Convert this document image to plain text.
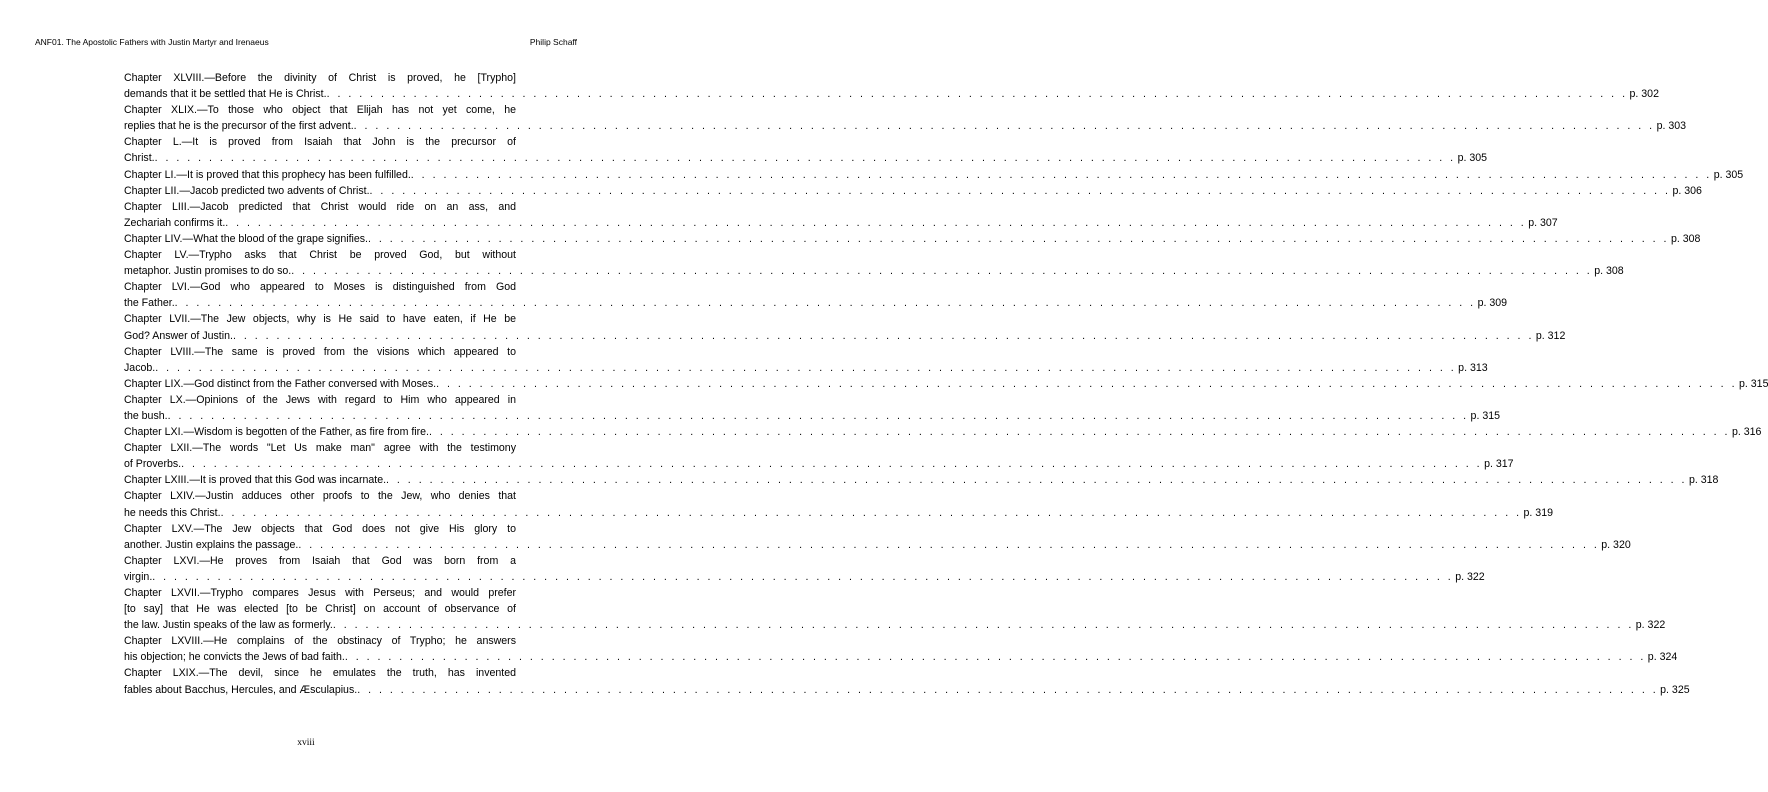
ANF01. The Apostolic Fathers with Justin Martyr and Irenaeus	Philip Schaff
Chapter XLVIII.—Before the divinity of Christ is proved, he [Trypho]
demands that it be settled that He is Christ. . . . . . . . . . . . . . . . . . . . . . . . . . . . . . . . . . . . . . . . . . . . . . . . . . . . . . . . . . . . . . . . . . . . . . . . . . . . . . . . . . . . . . . . . . . . . . . . . . . . . . . . . . . . . . . . . . . . . . . . . p. 302
Chapter XLIX.—To those who object that Elijah has not yet come, he
replies that he is the precursor of the first advent. . . . . . . . . . . . . . . . . . . . . . . . . . . . . . . . . . . . . . . . . . . . . . . . . . . . . . . . . . . . . . . . . . . . . . . . . . . . . . . . . . . . . . . . . . . . . . . . . . . . . . . . . . . . . . . . . . . . . . . . . p. 303
Chapter L.—It is proved from Isaiah that John is the precursor of
Christ. . . . . . . . . . . . . . . . . . . . . . . . . . . . . . . . . . . . . . . . . . . . . . . . . . . . . . . . . . . . . . . . . . . . . . . . . . . . . . . . . . . . . . . . . . . . . . . . . . . . . . . . . . . . . . . . . . . . . . . . . p. 305
Chapter LI.—It is proved that this prophecy has been fulfilled. . . . . . . . . . . . . . . . . . . . . . . . . . . . . . . . . . . . . . . . . . . . . . . . . . . . . . . . . . . . . . . . . . . . . . . . . . . . . . . . . . . . . . . . . . . . . . . . . . . . . . . . . . . . . . . . . . . . . . . . . p. 305
Chapter LII.—Jacob predicted two advents of Christ. . . . . . . . . . . . . . . . . . . . . . . . . . . . . . . . . . . . . . . . . . . . . . . . . . . . . . . . . . . . . . . . . . . . . . . . . . . . . . . . . . . . . . . . . . . . . . . . . . . . . . . . . . . . . . . . . . . . . . . . . p. 306
Chapter LIII.—Jacob predicted that Christ would ride on an ass, and
Zechariah confirms it. . . . . . . . . . . . . . . . . . . . . . . . . . . . . . . . . . . . . . . . . . . . . . . . . . . . . . . . . . . . . . . . . . . . . . . . . . . . . . . . . . . . . . . . . . . . . . . . . . . . . . . . . . . . . . . . . . . . . . . . . p. 307
Chapter LIV.—What the blood of the grape signifies. . . . . . . . . . . . . . . . . . . . . . . . . . . . . . . . . . . . . . . . . . . . . . . . . . . . . . . . . . . . . . . . . . . . . . . . . . . . . . . . . . . . . . . . . . . . . . . . . . . . . . . . . . . . . . . . . . . . . . . . . p. 308
Chapter LV.—Trypho asks that Christ be proved God, but without
metaphor. Justin promises to do so. . . . . . . . . . . . . . . . . . . . . . . . . . . . . . . . . . . . . . . . . . . . . . . . . . . . . . . . . . . . . . . . . . . . . . . . . . . . . . . . . . . . . . . . . . . . . . . . . . . . . . . . . . . . . . . . . . . . . . . . . p. 308
Chapter LVI.—God who appeared to Moses is distinguished from God
the Father. . . . . . . . . . . . . . . . . . . . . . . . . . . . . . . . . . . . . . . . . . . . . . . . . . . . . . . . . . . . . . . . . . . . . . . . . . . . . . . . . . . . . . . . . . . . . . . . . . . . . . . . . . . . . . . . . . . . . . . . . p. 309
Chapter LVII.—The Jew objects, why is He said to have eaten, if He be
God? Answer of Justin. . . . . . . . . . . . . . . . . . . . . . . . . . . . . . . . . . . . . . . . . . . . . . . . . . . . . . . . . . . . . . . . . . . . . . . . . . . . . . . . . . . . . . . . . . . . . . . . . . . . . . . . . . . . . . . . . . . . . . . . . p. 312
Chapter LVIII.—The same is proved from the visions which appeared to
Jacob. . . . . . . . . . . . . . . . . . . . . . . . . . . . . . . . . . . . . . . . . . . . . . . . . . . . . . . . . . . . . . . . . . . . . . . . . . . . . . . . . . . . . . . . . . . . . . . . . . . . . . . . . . . . . . . . . . . . . . . . . p. 313
Chapter LIX.—God distinct from the Father conversed with Moses. . . . . . . . . . . . . . . . . . . . . . . . . . . . . . . . . . . . . . . . . . . . . . . . . . . . . . . . . . . . . . . . . . . . . . . . . . . . . . . . . . . . . . . . . . . . . . . . . . . . . . . . . . . . . . . . . . . . . . . . . p. 315
Chapter LX.—Opinions of the Jews with regard to Him who appeared in
the bush. . . . . . . . . . . . . . . . . . . . . . . . . . . . . . . . . . . . . . . . . . . . . . . . . . . . . . . . . . . . . . . . . . . . . . . . . . . . . . . . . . . . . . . . . . . . . . . . . . . . . . . . . . . . . . . . . . . . . . . . . p. 315
Chapter LXI.—Wisdom is begotten of the Father, as fire from fire. . . . . . . . . . . . . . . . . . . . . . . . . . . . . . . . . . . . . . . . . . . . . . . . . . . . . . . . . . . . . . . . . . . . . . . . . . . . . . . . . . . . . . . . . . . . . . . . . . . . . . . . . . . . . . . . . . . . . . . . . p. 316
Chapter LXII.—The words "Let Us make man" agree with the testimony
of Proverbs. . . . . . . . . . . . . . . . . . . . . . . . . . . . . . . . . . . . . . . . . . . . . . . . . . . . . . . . . . . . . . . . . . . . . . . . . . . . . . . . . . . . . . . . . . . . . . . . . . . . . . . . . . . . . . . . . . . . . . . . . p. 317
Chapter LXIII.—It is proved that this God was incarnate. . . . . . . . . . . . . . . . . . . . . . . . . . . . . . . . . . . . . . . . . . . . . . . . . . . . . . . . . . . . . . . . . . . . . . . . . . . . . . . . . . . . . . . . . . . . . . . . . . . . . . . . . . . . . . . . . . . . . . . . . p. 318
Chapter LXIV.—Justin adduces other proofs to the Jew, who denies that
he needs this Christ. . . . . . . . . . . . . . . . . . . . . . . . . . . . . . . . . . . . . . . . . . . . . . . . . . . . . . . . . . . . . . . . . . . . . . . . . . . . . . . . . . . . . . . . . . . . . . . . . . . . . . . . . . . . . . . . . . . . . . . . . p. 319
Chapter LXV.—The Jew objects that God does not give His glory to
another. Justin explains the passage. . . . . . . . . . . . . . . . . . . . . . . . . . . . . . . . . . . . . . . . . . . . . . . . . . . . . . . . . . . . . . . . . . . . . . . . . . . . . . . . . . . . . . . . . . . . . . . . . . . . . . . . . . . . . . . . . . . . . . . . . p. 320
Chapter LXVI.—He proves from Isaiah that God was born from a
virgin. . . . . . . . . . . . . . . . . . . . . . . . . . . . . . . . . . . . . . . . . . . . . . . . . . . . . . . . . . . . . . . . . . . . . . . . . . . . . . . . . . . . . . . . . . . . . . . . . . . . . . . . . . . . . . . . . . . . . . . . . p. 322
Chapter LXVII.—Trypho compares Jesus with Perseus; and would prefer
[to say] that He was elected [to be Christ] on account of observance of
the law. Justin speaks of the law as formerly. . . . . . . . . . . . . . . . . . . . . . . . . . . . . . . . . . . . . . . . . . . . . . . . . . . . . . . . . . . . . . . . . . . . . . . . . . . . . . . . . . . . . . . . . . . . . . . . . . . . . . . . . . . . . . . . . . . . . . . . . p. 322
Chapter LXVIII.—He complains of the obstinacy of Trypho; he answers
his objection; he convicts the Jews of bad faith. . . . . . . . . . . . . . . . . . . . . . . . . . . . . . . . . . . . . . . . . . . . . . . . . . . . . . . . . . . . . . . . . . . . . . . . . . . . . . . . . . . . . . . . . . . . . . . . . . . . . . . . . . . . . . . . . . . . . . . . . p. 324
Chapter LXIX.—The devil, since he emulates the truth, has invented
fables about Bacchus, Hercules, and Æsculapius. . . . . . . . . . . . . . . . . . . . . . . . . . . . . . . . . . . . . . . . . . . . . . . . . . . . . . . . . . . . . . . . . . . . . . . . . . . . . . . . . . . . . . . . . . . . . . . . . . . . . . . . . . . . . . . . . . . . . . . . . p. 325
xviii
